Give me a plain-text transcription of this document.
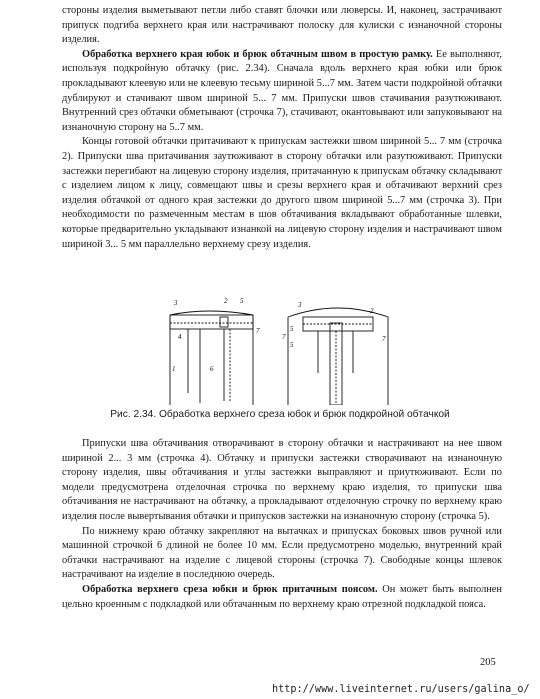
стороны изделия выметывают петли либо ставят блочки или люверсы. И, наконец, застрачивают припуск подгиба верхнего края или настрачивают полоску для кулиски с изнаночной стороны изделия.

Обработка верхнего края юбок и брюк обтачным швом в простую рамку. Ее выполняют, используя подкройную обтачку (рис. 2.34). Сначала вдоль верхнего края юбки или брюк прокладывают клеевую или не клеевую тесьму шириной 5...7 мм. Затем части подкройной обтачки дублируют и стачивают швом шириной 5... 7 мм. Припуски швов стачивания разутюживают. Внутренний срез обтачки обметывают (строчка 7), стачивают, окантовывают или запуковывают на изнаночную сторону на 5..7 мм.

Концы готовой обтачки притачивают к припускам застежки швом шириной 5... 7 мм (строчка 2). Припуски шва притачивания заутюживают в сторону обтачки или разутюживают. Припуски застежки перегибают на лицевую сторону изделия, притачанную к припускам обтачку складывают с изделием лицом к лицу, совмещают швы и срезы верхнего края и обтачивают верхний срез изделия обтачкой от одного края застежки до другого швом шириной 5...7 мм (строчка 3). При необходимости по размеченным местам в шов обтачивания вкладывают обработанные шлевки, которые предварительно укладывают изнанкой на лицевую сторону изделия и настрачивают швом шириной 3... 5 мм параллельно верхнему срезу изделия.

3	2 5
4
7
1	6
3
5
5
7
2
7
Рис. 2.34. Обработка верхнего среза юбок и брюк подкройной обтачкой

Припуски шва обтачивания отворачивают в сторону обтачки и настрачивают на нее швом шириной 2... 3 мм (строчка 4). Обтачку и припуски застежки створачивают на изнаночную сторону изделия, швы обтачивания и углы застежки выправляют и приутюживают. Если по модели предусмотрена отделочная строчка по верхнему краю изделия, то припуски шва обтачивания не настрачивают на обтачку, а прокладывают отделочную строчку по верхнему краю изделия после вывертывания обтачки и припусков застежки на изнаночную сторону (строчка 5).

По нижнему краю обтачку закрепляют на вытачках и припусках боковых швов ручной или машинной строчкой 6 длиной не более 10 мм. Если предусмотрено моделью, внутренний край обтачки настрачивают на изделие с лицевой стороны (строчка 7). Свободные концы шлевок настрачивают на изделие в последнюю очередь.

Обработка верхнего среза юбки и брюк притачным поясом. Он может быть выполнен цельно кроенным с подкладкой или обтачанным по верхнему краю отрезной подкладкой пояса.

205
http://www.liveinternet.ru/users/galina_o/
